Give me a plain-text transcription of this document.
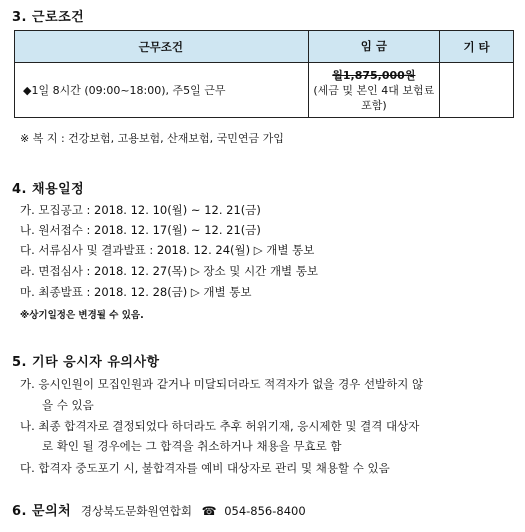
3. 근로조건
근무조건	임 금	기 타
◆1일 8시간 (09:00~18:00), 주5일 근무	월1,875,000원
(세금 및 본인 4대 보험료
포함)	

※ 복 지 : 건강보험, 고용보험, 산재보험, 국민연금 가입
4. 채용일정
가. 모집공고 : 2018. 12. 10(월) ~ 12. 21(금)
나. 원서접수 : 2018. 12. 17(월) ~ 12. 21(금)
다. 서류심사 및 결과발표 : 2018. 12. 24(월) ▷ 개별 통보
라. 면접심사 : 2018. 12. 27(목) ▷ 장소 및 시간 개별 통보
마. 최종발표 : 2018. 12. 28(금) ▷ 개별 통보
※상기일정은 변경될 수 있음.
5. 기타 응시자 유의사항
가. 응시인원이 모집인원과 같거나 미달되더라도 적격자가 없을 경우 선발하지 않
을 수 있음
나. 최종 합격자로 결정되었다 하더라도 추후 허위기재, 응시제한 및 결격 대상자
로 확인 될 경우에는 그 합격을 취소하거나 채용을 무효로 함
다. 합격자 중도포기 시, 불합격자를 예비 대상자로 관리 및 채용할 수 있음
6. 문의처 경상북도문화원연합회 ☎ 054-856-8400
